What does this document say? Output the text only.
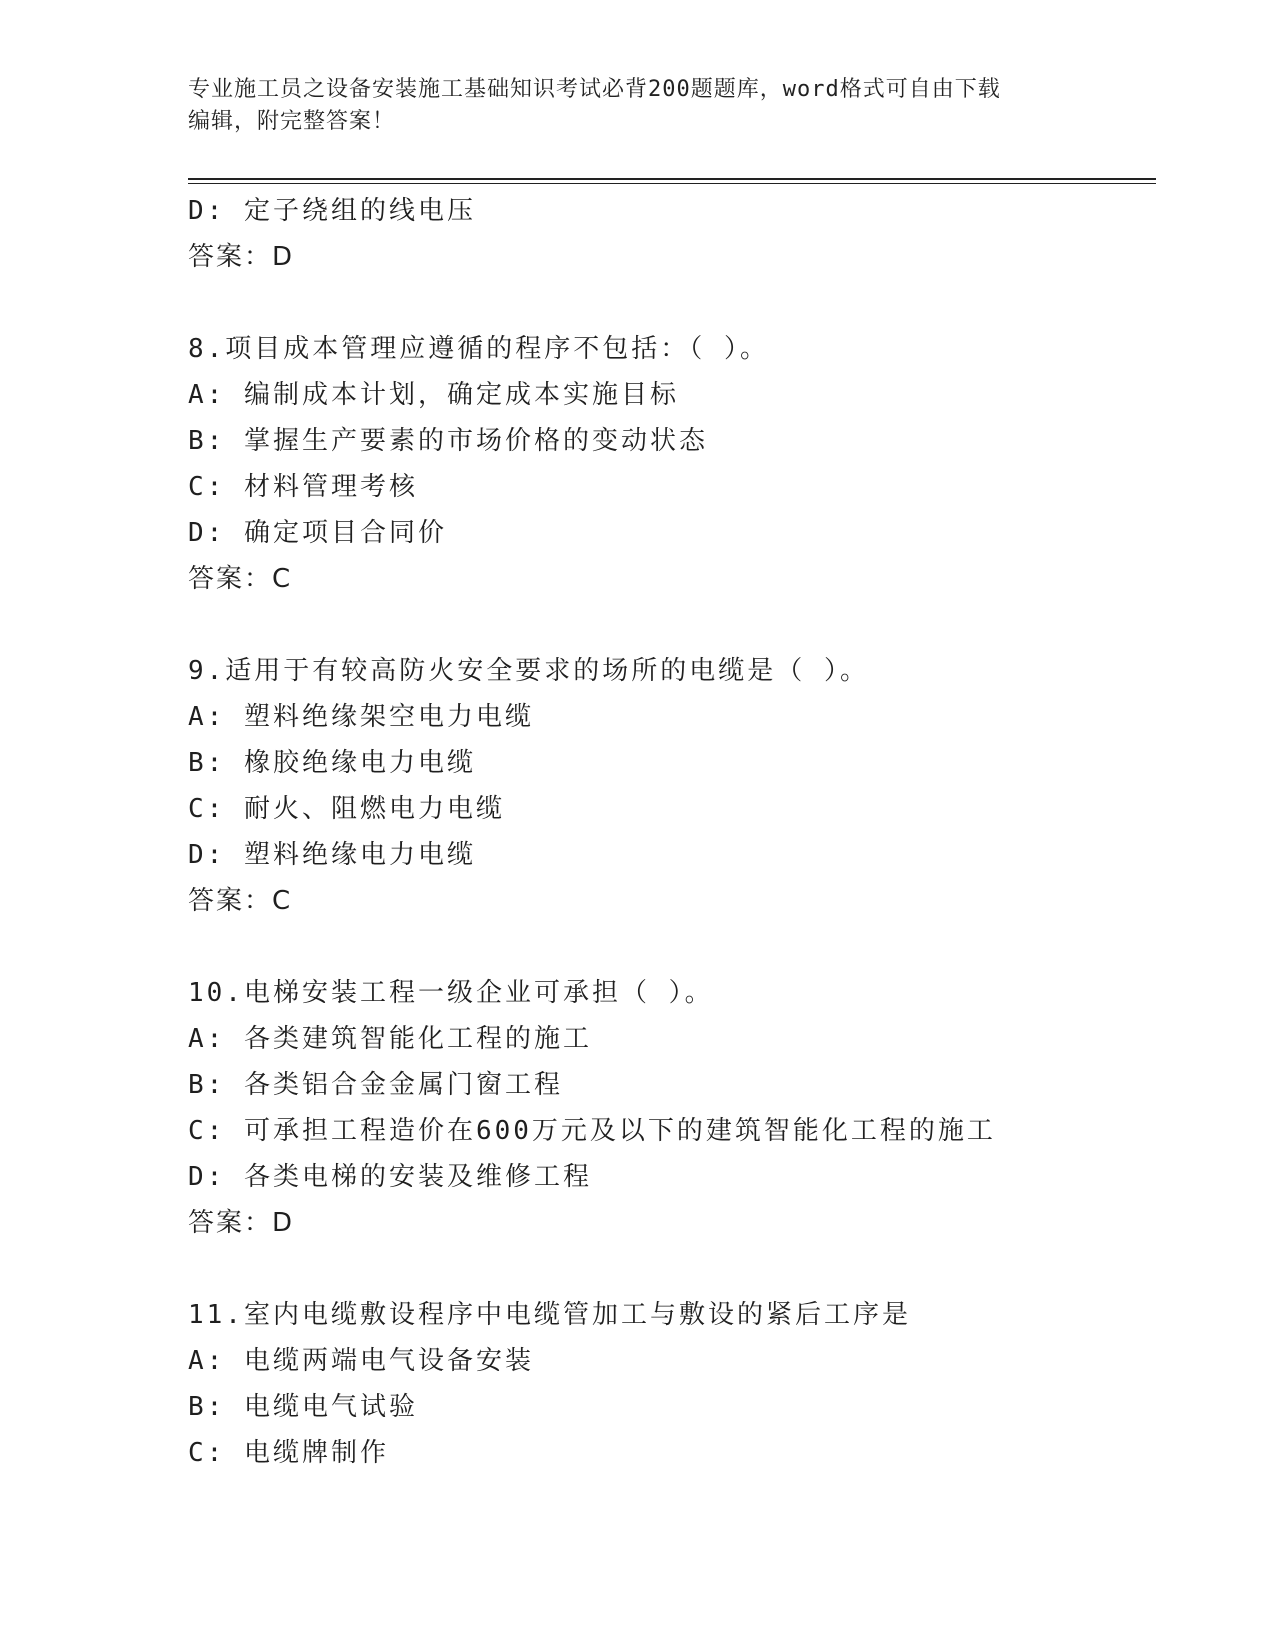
专业施工员之设备安装施工基础知识考试必背200题题库，word格式可自由下载
编辑，附完整答案！
D: 定子绕组的线电压
答案：D
8.项目成本管理应遵循的程序不包括：（ ）。
A: 编制成本计划，确定成本实施目标
B: 掌握生产要素的市场价格的变动状态
C: 材料管理考核
D: 确定项目合同价
答案：C
9.适用于有较高防火安全要求的场所的电缆是（ ）。
A: 塑料绝缘架空电力电缆
B: 橡胶绝缘电力电缆
C: 耐火、阻燃电力电缆
D: 塑料绝缘电力电缆
答案：C
10.电梯安装工程一级企业可承担（ ）。
A: 各类建筑智能化工程的施工
B: 各类铝合金金属门窗工程
C: 可承担工程造价在600万元及以下的建筑智能化工程的施工
D: 各类电梯的安装及维修工程
答案：D
11.室内电缆敷设程序中电缆管加工与敷设的紧后工序是
A: 电缆两端电气设备安装
B: 电缆电气试验
C: 电缆牌制作
